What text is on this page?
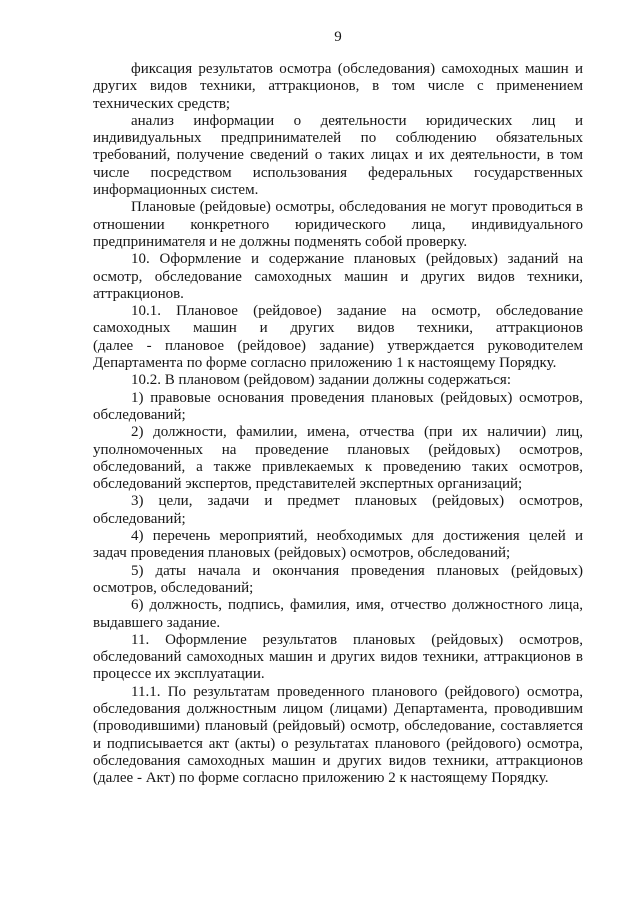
9
фиксация результатов осмотра (обследования) самоходных машин и
других видов техники, аттракционов, в том числе с применением
технических средств;
анализ информации о деятельности юридических лиц и
индивидуальных предпринимателей по соблюдению обязательных
требований, получение сведений о таких лицах и их деятельности, в том
числе посредством использования федеральных государственных
информационных систем.
Плановые (рейдовые) осмотры, обследования не могут проводиться в
отношении конкретного юридического лица, индивидуального
предпринимателя и не должны подменять собой проверку.
10. Оформление и содержание плановых (рейдовых) заданий на
осмотр, обследование самоходных машин и других видов техники,
аттракционов.
10.1. Плановое (рейдовое) задание на осмотр, обследование
самоходных машин и других видов техники, аттракционов
(далее - плановое (рейдовое) задание) утверждается руководителем
Департамента по форме согласно приложению 1 к настоящему Порядку.
10.2. В плановом (рейдовом) задании должны содержаться:
1) правовые основания проведения плановых (рейдовых) осмотров,
обследований;
2) должности, фамилии, имена, отчества (при их наличии) лиц,
уполномоченных на проведение плановых (рейдовых) осмотров,
обследований, а также привлекаемых к проведению таких осмотров,
обследований экспертов, представителей экспертных организаций;
3) цели, задачи и предмет плановых (рейдовых) осмотров,
обследований;
4) перечень мероприятий, необходимых для достижения целей и
задач проведения плановых (рейдовых) осмотров, обследований;
5) даты начала и окончания проведения плановых (рейдовых)
осмотров, обследований;
6) должность, подпись, фамилия, имя, отчество должностного лица,
выдавшего задание.
11. Оформление результатов плановых (рейдовых) осмотров,
обследований самоходных машин и других видов техники, аттракционов в
процессе их эксплуатации.
11.1. По результатам проведенного планового (рейдового) осмотра,
обследования должностным лицом (лицами) Департамента, проводившим
(проводившими) плановый (рейдовый) осмотр, обследование, составляется
и подписывается акт (акты) о результатах планового (рейдового) осмотра,
обследования самоходных машин и других видов техники, аттракционов
(далее - Акт) по форме согласно приложению 2 к настоящему Порядку.
